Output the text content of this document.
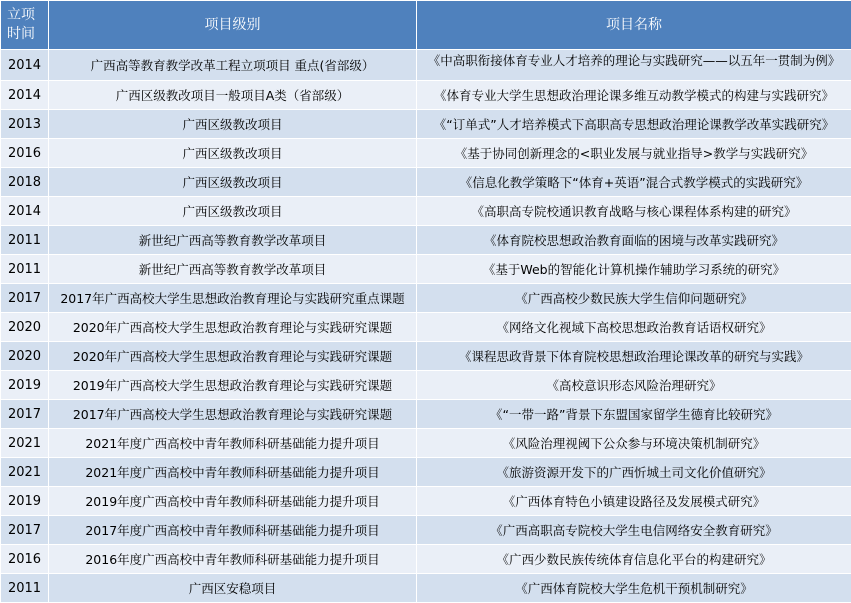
立项
时间	项目级别	项目名称
2014	广西高等教育教学改革工程立项项目 重点(省部级）	《中高职衔接体育专业人才培养的理论与实践研究——以五年一贯制为例》
2014	广西区级教改项目一般项目A类（省部级）	《体育专业大学生思想政治理论课多维互动教学模式的构建与实践研究》
2013	广西区级教改项目	《“订单式”人才培养模式下高职高专思想政治理论课教学改革实践研究》
2016	广西区级教改项目	《基于协同创新理念的<职业发展与就业指导>教学与实践研究》
2018	广西区级教改项目	《信息化教学策略下“体育+英语”混合式教学模式的实践研究》
2014	广西区级教改项目	《高职高专院校通识教育战略与核心课程体系构建的研究》
2011	新世纪广西高等教育教学改革项目	《体育院校思想政治教育面临的困境与改革实践研究》
2011	新世纪广西高等教育教学改革项目	《基于Web的智能化计算机操作辅助学习系统的研究》
2017	2017年广西高校大学生思想政治教育理论与实践研究重点课题	《广西高校少数民族大学生信仰问题研究》
2020	2020年广西高校大学生思想政治教育理论与实践研究课题	《网络文化视域下高校思想政治教育话语权研究》
2020	2020年广西高校大学生思想政治教育理论与实践研究课题	《课程思政背景下体育院校思想政治理论课改革的研究与实践》
2019	2019年广西高校大学生思想政治教育理论与实践研究课题	《高校意识形态风险治理研究》
2017	2017年广西高校大学生思想政治教育理论与实践研究课题	《“一带一路”背景下东盟国家留学生德育比较研究》
2021	2021年度广西高校中青年教师科研基础能力提升项目	《风险治理视阈下公众参与环境决策机制研究》
2021	2021年度广西高校中青年教师科研基础能力提升项目	《旅游资源开发下的广西忻城土司文化价值研究》
2019	2019年度广西高校中青年教师科研基础能力提升项目	《广西体育特色小镇建设路径及发展模式研究》
2017	2017年度广西高校中青年教师科研基础能力提升项目	《广西高职高专院校大学生电信网络安全教育研究》
2016	2016年度广西高校中青年教师科研基础能力提升项目	《广西少数民族传统体育信息化平台的构建研究》
2011	广西区安稳项目	《广西体育院校大学生危机干预机制研究》
